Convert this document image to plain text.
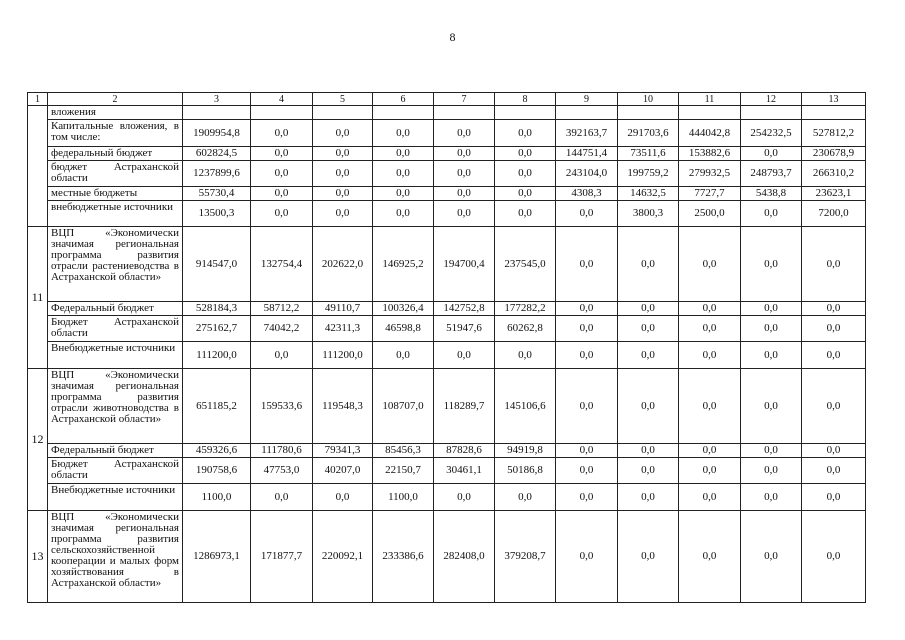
8
1	2	3	4	5	6	7	8	9	10	11	12	13
	вложения											
	Капитальные вложения, в том числе:	1909954,8	0,0	0,0	0,0	0,0	0,0	392163,7	291703,6	444042,8	254232,5	527812,2
	федеральный бюджет	602824,5	0,0	0,0	0,0	0,0	0,0	144751,4	73511,6	153882,6	0,0	230678,9
	бюджет Астраханской области	1237899,6	0,0	0,0	0,0	0,0	0,0	243104,0	199759,2	279932,5	248793,7	266310,2
	местные бюджеты	55730,4	0,0	0,0	0,0	0,0	0,0	4308,3	14632,5	7727,7	5438,8	23623,1
	внебюджетные источники	13500,3	0,0	0,0	0,0	0,0	0,0	0,0	3800,3	2500,0	0,0	7200,0
11	ВЦП «Экономически значимая региональная программа развития отрасли растениеводства в Астраханской области»	914547,0	132754,4	202622,0	146925,2	194700,4	237545,0	0,0	0,0	0,0	0,0	0,0
	Федеральный бюджет	528184,3	58712,2	49110,7	100326,4	142752,8	177282,2	0,0	0,0	0,0	0,0	0,0
	Бюджет Астраханской области	275162,7	74042,2	42311,3	46598,8	51947,6	60262,8	0,0	0,0	0,0	0,0	0,0
	Внебюджетные источники	111200,0	0,0	111200,0	0,0	0,0	0,0	0,0	0,0	0,0	0,0	0,0
12	ВЦП «Экономически значимая региональная программа развития отрасли животноводства в Астраханской области»	651185,2	159533,6	119548,3	108707,0	118289,7	145106,6	0,0	0,0	0,0	0,0	0,0
	Федеральный бюджет	459326,6	111780,6	79341,3	85456,3	87828,6	94919,8	0,0	0,0	0,0	0,0	0,0
	Бюджет Астраханской области	190758,6	47753,0	40207,0	22150,7	30461,1	50186,8	0,0	0,0	0,0	0,0	0,0
	Внебюджетные источники	1100,0	0,0	0,0	1100,0	0,0	0,0	0,0	0,0	0,0	0,0	0,0
13	ВЦП «Экономически значимая региональная программа развития сельскохозяйственной кооперации и малых форм хозяйствования в Астраханской области»	1286973,1	171877,7	220092,1	233386,6	282408,0	379208,7	0,0	0,0	0,0	0,0	0,0
